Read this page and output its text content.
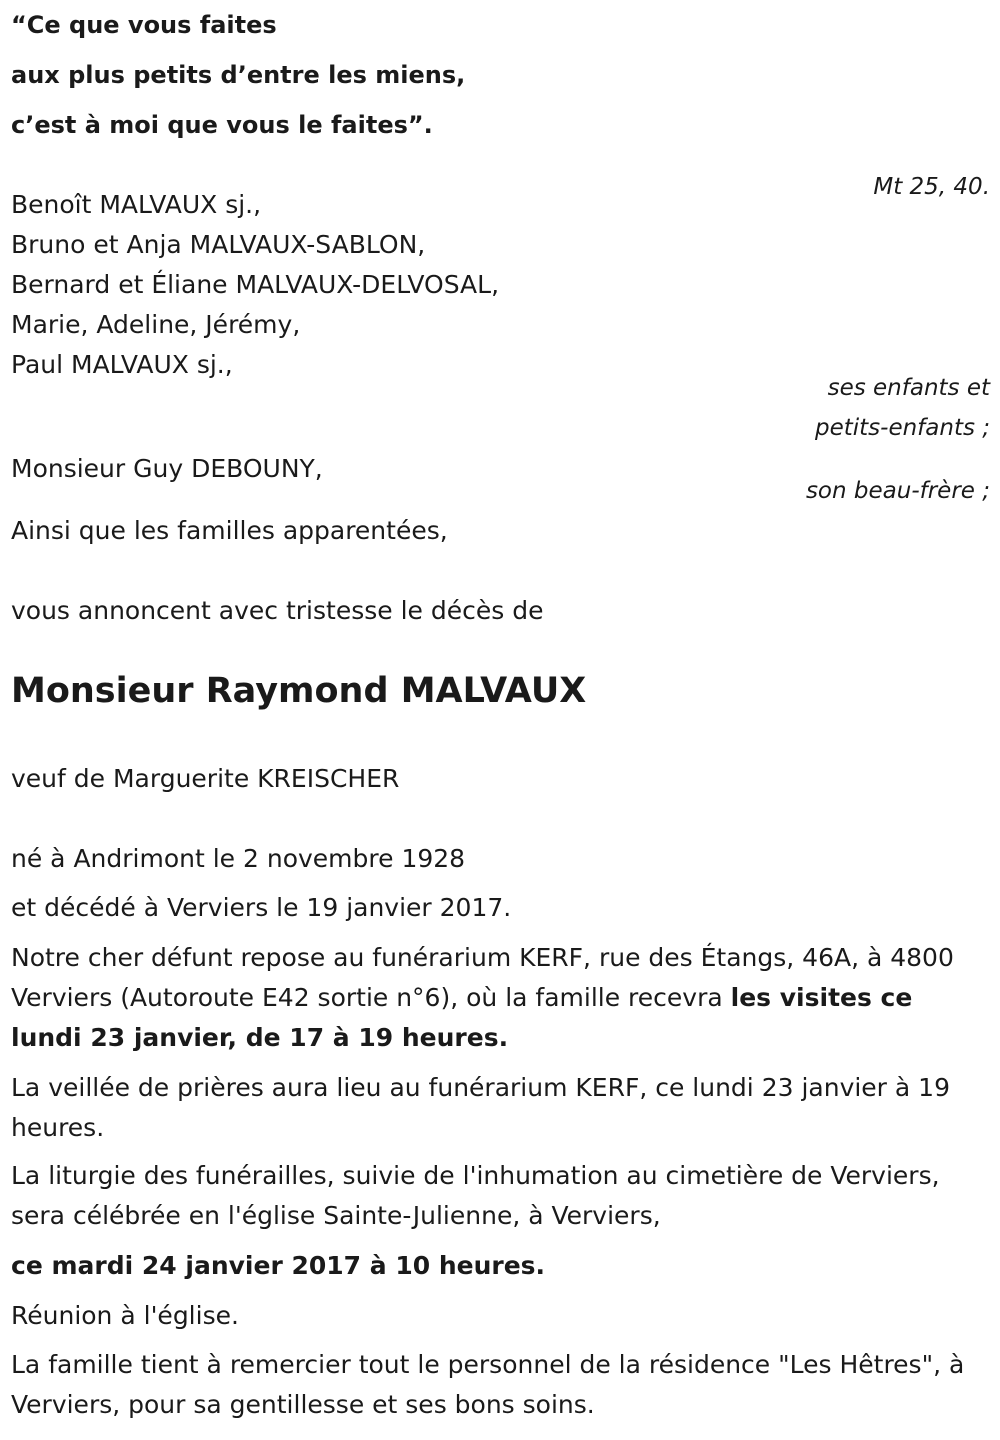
“Ce que vous faites

aux plus petits d’entre les miens,

c’est à moi que vous le faites”.

Mt 25, 40.

Benoît MALVAUX sj.,

Bruno et Anja MALVAUX-SABLON,

Bernard et Éliane MALVAUX-DELVOSAL,

Marie, Adeline, Jérémy,

Paul MALVAUX sj.,

ses enfants et

petits-enfants ;

Monsieur Guy DEBOUNY,

son beau-frère ;

Ainsi que les familles apparentées,

vous annoncent avec tristesse le décès de

Monsieur Raymond MALVAUX

veuf de Marguerite KREISCHER

né à Andrimont le 2 novembre 1928

et décédé à Verviers le 19 janvier 2017.

Notre cher défunt repose au funérarium KERF, rue des Étangs, 46A, à 4800 Verviers (Autoroute E42 sortie n°6), où la famille recevra les visites ce lundi 23 janvier, de 17 à 19 heures.

La veillée de prières aura lieu au funérarium KERF, ce lundi 23 janvier à 19 heures.

La liturgie des funérailles, suivie de l'inhumation au cimetière de Verviers, sera célébrée en l'église Sainte-Julienne, à Verviers,

ce mardi 24 janvier 2017 à 10 heures.

Réunion à l'église.

La famille tient à remercier tout le personnel de la résidence "Les Hêtres", à Verviers, pour sa gentillesse et ses bons soins.
